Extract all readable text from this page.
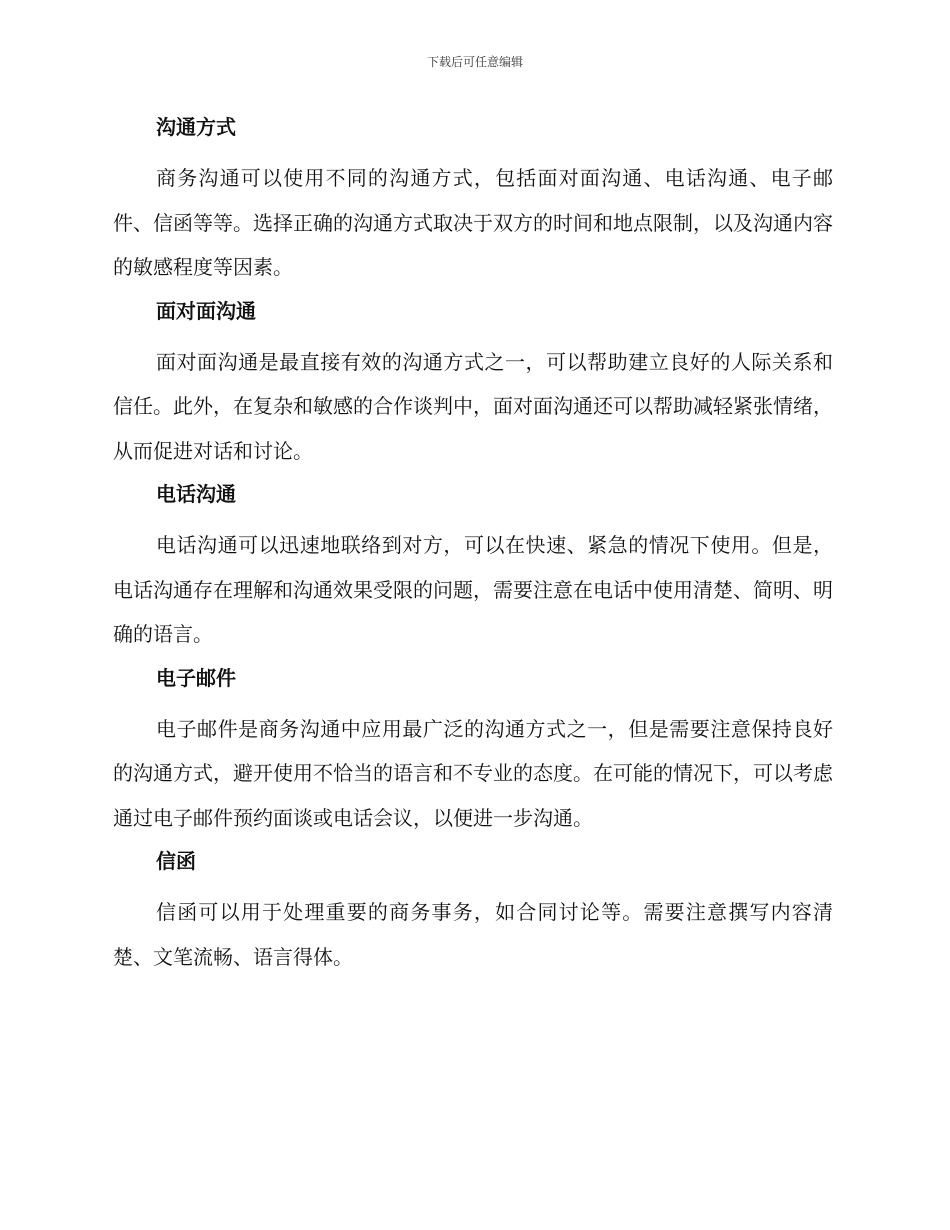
下载后可任意编辑
沟通方式

商务沟通可以使用不同的沟通方式，包括面对面沟通、电话沟通、电子邮件、信函等等。选择正确的沟通方式取决于双方的时间和地点限制，以及沟通内容的敏感程度等因素。

面对面沟通

面对面沟通是最直接有效的沟通方式之一，可以帮助建立良好的人际关系和信任。此外，在复杂和敏感的合作谈判中，面对面沟通还可以帮助减轻紧张情绪，从而促进对话和讨论。

电话沟通

电话沟通可以迅速地联络到对方，可以在快速、紧急的情况下使用。但是，电话沟通存在理解和沟通效果受限的问题，需要注意在电话中使用清楚、简明、明确的语言。

电子邮件

电子邮件是商务沟通中应用最广泛的沟通方式之一，但是需要注意保持良好的沟通方式，避开使用不恰当的语言和不专业的态度。在可能的情况下，可以考虑通过电子邮件预约面谈或电话会议，以便进一步沟通。

信函

信函可以用于处理重要的商务事务，如合同讨论等。需要注意撰写内容清楚、文笔流畅、语言得体。
